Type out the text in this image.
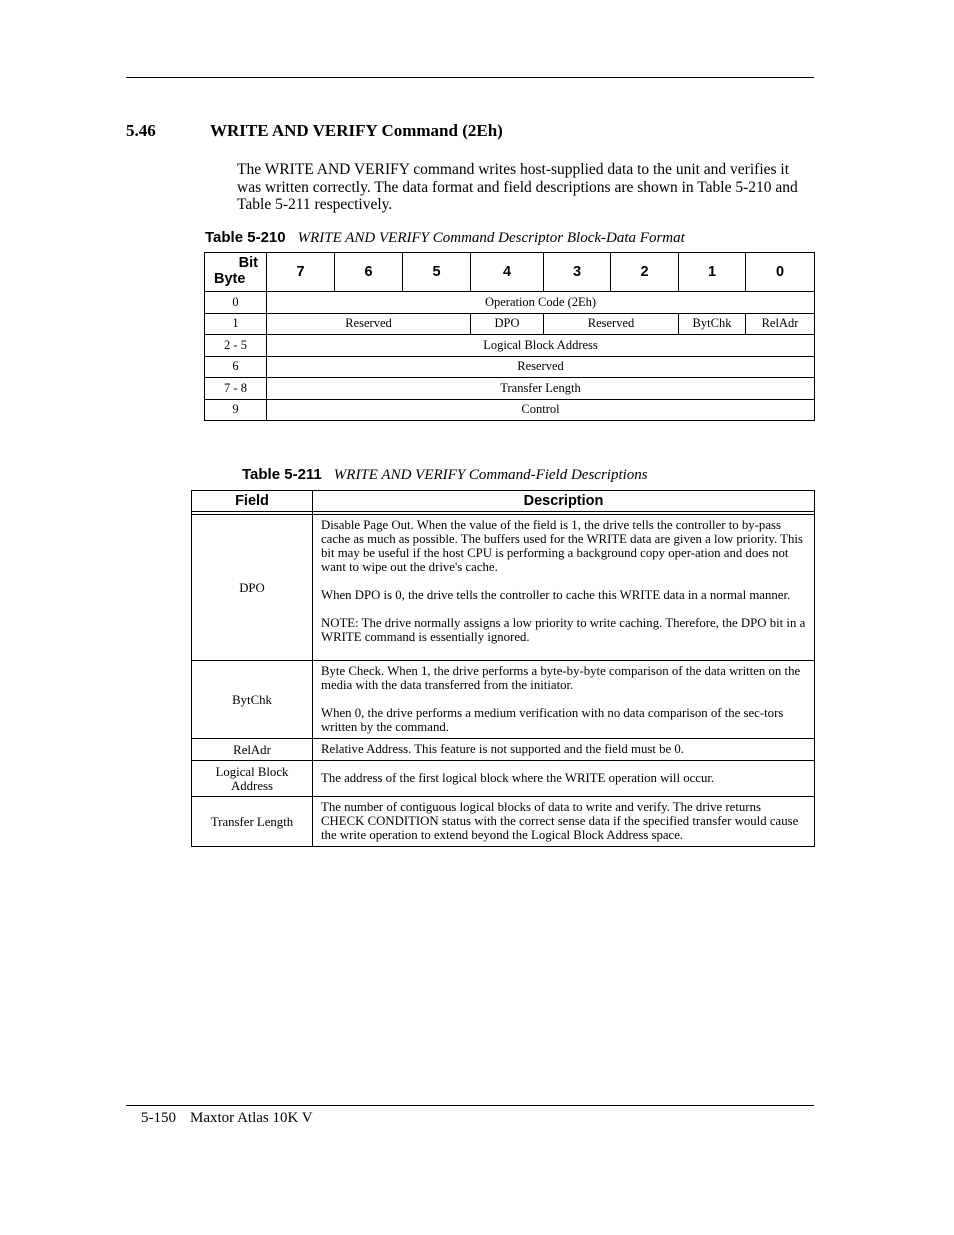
5.46	WRITE AND VERIFY Command (2Eh)
The WRITE AND VERIFY command writes host-supplied data to the unit and verifies it was written correctly. The data format and field descriptions are shown in Table 5-210 and Table 5-211 respectively.
Table 5-210 WRITE AND VERIFY Command Descriptor Block-Data Format
Bit
Byte	7	6	5	4	3	2	1	0
0	Operation Code (2Eh)							
1	Reserved			DPO	Reserved		BytChk	RelAdr
2 - 5	Logical Block Address							
6	Reserved							
7 - 8	Transfer Length							
9	Control							
Table 5-211 WRITE AND VERIFY Command-Field Descriptions
Field	Description

DPO	Disable Page Out. When the value of the field is 1, the drive tells the controller to by-pass cache as much as possible. The buffers used for the WRITE data are given a low priority. This bit may be useful if the host CPU is performing a background copy oper-ation and does not want to wipe out the drive's cache.

When DPO is 0, the drive tells the controller to cache this WRITE data in a normal manner.

NOTE: The drive normally assigns a low priority to write caching. Therefore, the DPO bit in a WRITE command is essentially ignored.

BytChk	Byte Check. When 1, the drive performs a byte-by-byte comparison of the data written on the media with the data transferred from the initiator.

When 0, the drive performs a medium verification with no data comparison of the sec-tors written by the command.

RelAdr	Relative Address. This feature is not supported and the field must be 0.

Logical Block
Address	The address of the first logical block where the WRITE operation will occur.

Transfer Length	The number of contiguous logical blocks of data to write and verify. The drive returns CHECK CONDITION status with the correct sense data if the specified transfer would cause the write operation to extend beyond the Logical Block Address space.

5-150 Maxtor Atlas 10K V
